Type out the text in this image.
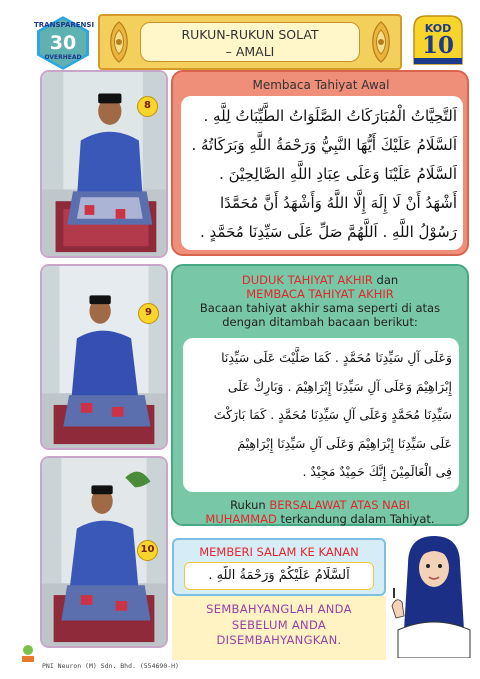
TRANSPARENSI
30
OVERHEAD
RUKUN-RUKUN SOLAT
– AMALI
KOD
10
8
9
10
Membaca Tahiyat Awal
اَلتَّحِيَّاتُ الْمُبَارَكَاتُ الصَّلَوَاتُ الطَّيِّبَاتُ لِلَّهِ .
اَلسَّلَامُ عَلَيْكَ أَيُّهَا النَّبِيُّ وَرَحْمَةُ اللَّهِ وَبَرَكَاتُهُ .
اَلسَّلَامُ عَلَيْنَا وَعَلَى عِبَادِ اللَّهِ الصَّالِحِيْنَ .
أَشْهَدُ أَنْ لَا إِلَهَ إِلَّا اللَّهُ وَأَشْهَدُ أَنَّ مُحَمَّدًا
رَسُوْلُ اللَّهِ . اَللَّهُمَّ صَلِّ عَلَى سَيِّدِنَا مُحَمَّدٍ .
DUDUK TAHIYAT AKHIR dan
MEMBACA TAHIYAT AKHIR
Bacaan tahiyat akhir sama seperti di atas
dengan ditambah bacaan berikut:
وَعَلَى آلِ سَيِّدِنَا مُحَمَّدٍ . كَمَا صَلَّيْتَ عَلَى سَيِّدِنَا
إِبْرَاهِيْمَ وَعَلَى آلِ سَيِّدِنَا إِبْرَاهِيْمَ . وَبَارِكْ عَلَى
سَيِّدِنَا مُحَمَّدٍ وَعَلَى آلِ سَيِّدِنَا مُحَمَّدٍ . كَمَا بَارَكْتَ
عَلَى سَيِّدِنَا إِبْرَاهِيْمَ وَعَلَى آلِ سَيِّدِنَا إِبْرَاهِيْمَ
فِى الْعَالَمِيْنَ إِنَّكَ حَمِيْدٌ مَجِيْدٌ .
Rukun BERSALAWAT ATAS NABI
MUHAMMAD terkandung dalam Tahiyat.
MEMBERI SALAM KE KANAN
اَلسَّلَامُ عَلَيْكُمْ وَرَحْمَةُ اللَّهِ .
SEMBAHYANGLAH ANDA
SEBELUM ANDA
DISEMBAHYANGKAN.
PNI Neuron (M) Sdn. Bhd. (554690-H)
